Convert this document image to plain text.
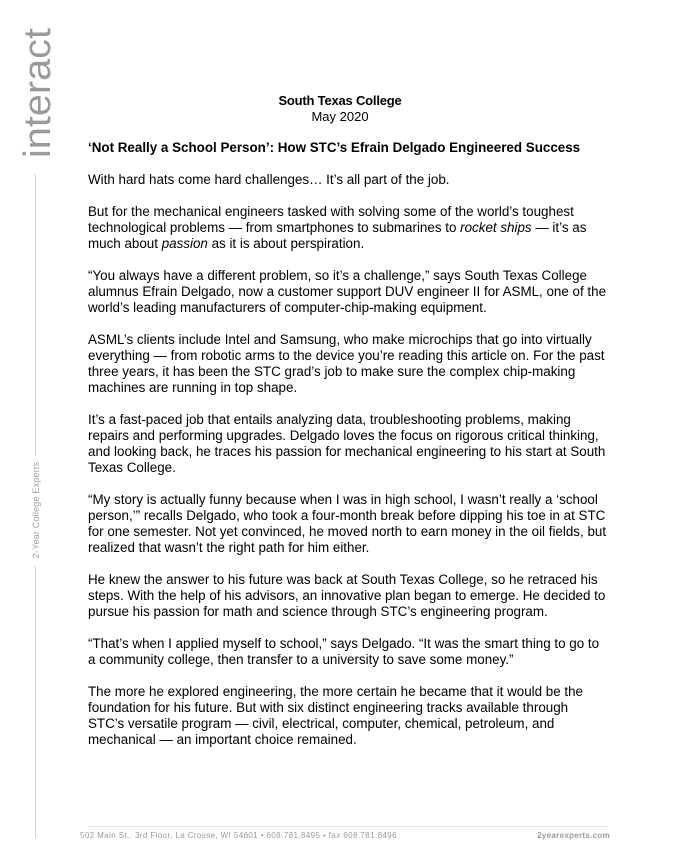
interact
2-Year College Experts
South Texas College
May 2020

‘Not Really a School Person’: How STC’s Efrain Delgado Engineered Success

With hard hats come hard challenges… It’s all part of the job.

But for the mechanical engineers tasked with solving some of the world’s toughest technological problems — from smartphones to submarines to rocket ships — it’s as much about passion as it is about perspiration.

“You always have a different problem, so it’s a challenge,” says South Texas College alumnus Efrain Delgado, now a customer support DUV engineer II for ASML, one of the world’s leading manufacturers of computer-chip-making equipment.

ASML’s clients include Intel and Samsung, who make microchips that go into virtually everything — from robotic arms to the device you’re reading this article on. For the past three years, it has been the STC grad’s job to make sure the complex chip-making machines are running in top shape.

It’s a fast-paced job that entails analyzing data, troubleshooting problems, making repairs and performing upgrades. Delgado loves the focus on rigorous critical thinking, and looking back, he traces his passion for mechanical engineering to his start at South Texas College.

“My story is actually funny because when I was in high school, I wasn’t really a ‘school person,’” recalls Delgado, who took a four-month break before dipping his toe in at STC for one semester. Not yet convinced, he moved north to earn money in the oil fields, but realized that wasn’t the right path for him either.

He knew the answer to his future was back at South Texas College, so he retraced his steps. With the help of his advisors, an innovative plan began to emerge. He decided to pursue his passion for math and science through STC’s engineering program.

“That’s when I applied myself to school,” says Delgado. “It was the smart thing to go to a community college, then transfer to a university to save some money.”

The more he explored engineering, the more certain he became that it would be the foundation for his future. But with six distinct engineering tracks available through STC’s versatile program — civil, electrical, computer, chemical, petroleum, and mechanical — an important choice remained.

502 Main St., 3rd Floor, La Crosse, WI 54601 • 608.781.8495 • fax 608.781.8496	2yearexperts.com
